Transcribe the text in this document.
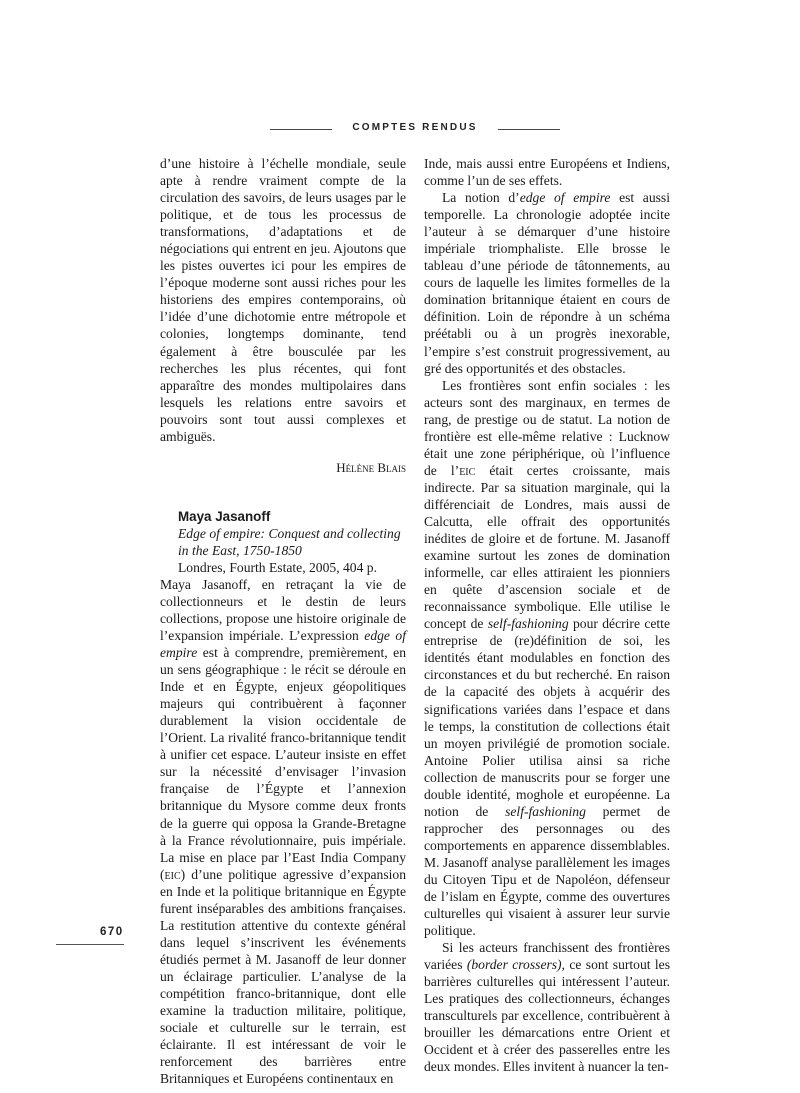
COMPTES RENDUS

d’une histoire à l’échelle mondiale, seule apte à rendre vraiment compte de la circulation des savoirs, de leurs usages par le politique, et de tous les processus de transformations, d’adaptations et de négociations qui entrent en jeu. Ajoutons que les pistes ouvertes ici pour les empires de l’époque moderne sont aussi riches pour les historiens des empires contemporains, où l’idée d’une dichotomie entre métropole et colonies, longtemps dominante, tend également à être bousculée par les recherches les plus récentes, qui font apparaître des mondes multipolaires dans lesquels les relations entre savoirs et pouvoirs sont tout aussi complexes et ambiguës.

Hélène Blais
Maya Jasanoff
Edge of empire: Conquest and collecting
in the East, 1750-1850
Londres, Fourth Estate, 2005, 404 p.

Maya Jasanoff, en retraçant la vie de collectionneurs et le destin de leurs collections, propose une histoire originale de l’expansion impériale. L’expression edge of empire est à comprendre, premièrement, en un sens géographique : le récit se déroule en Inde et en Égypte, enjeux géopolitiques majeurs qui contribuèrent à façonner durablement la vision occidentale de l’Orient. La rivalité franco-britannique tendit à unifier cet espace. L’auteur insiste en effet sur la nécessité d’envisager l’invasion française de l’Égypte et l’annexion britannique du Mysore comme deux fronts de la guerre qui opposa la Grande-Bretagne à la France révolutionnaire, puis impériale. La mise en place par l’East India Company (eic) d’une politique agressive d’expansion en Inde et la politique britannique en Égypte furent inséparables des ambitions françaises. La restitution attentive du contexte général dans lequel s’inscrivent les événements étudiés permet à M. Jasanoff de leur donner un éclairage particulier. L’analyse de la compétition franco-britannique, dont elle examine la traduction militaire, politique, sociale et culturelle sur le terrain, est éclairante. Il est intéressant de voir le renforcement des barrières entre Britanniques et Européens continentaux en

Inde, mais aussi entre Européens et Indiens, comme l’un de ses effets.

La notion d’edge of empire est aussi temporelle. La chronologie adoptée incite l’auteur à se démarquer d’une histoire impériale triomphaliste. Elle brosse le tableau d’une période de tâtonnements, au cours de laquelle les limites formelles de la domination britannique étaient en cours de définition. Loin de répondre à un schéma préétabli ou à un progrès inexorable, l’empire s’est construit progressivement, au gré des opportunités et des obstacles.

Les frontières sont enfin sociales : les acteurs sont des marginaux, en termes de rang, de prestige ou de statut. La notion de frontière est elle-même relative : Lucknow était une zone périphérique, où l’influence de l’eic était certes croissante, mais indirecte. Par sa situation marginale, qui la différenciait de Londres, mais aussi de Calcutta, elle offrait des opportunités inédites de gloire et de fortune. M. Jasanoff examine surtout les zones de domination informelle, car elles attiraient les pionniers en quête d’ascension sociale et de reconnaissance symbolique. Elle utilise le concept de self-fashioning pour décrire cette entreprise de (re)définition de soi, les identités étant modulables en fonction des circonstances et du but recherché. En raison de la capacité des objets à acquérir des significations variées dans l’espace et dans le temps, la constitution de collections était un moyen privilégié de promotion sociale. Antoine Polier utilisa ainsi sa riche collection de manuscrits pour se forger une double identité, moghole et européenne. La notion de self-fashioning permet de rapprocher des personnages ou des comportements en apparence dissemblables. M. Jasanoff analyse parallèlement les images du Citoyen Tipu et de Napoléon, défenseur de l’islam en Égypte, comme des ouvertures culturelles qui visaient à assurer leur survie politique.

Si les acteurs franchissent des frontières variées (border crossers), ce sont surtout les barrières culturelles qui intéressent l’auteur. Les pratiques des collectionneurs, échanges transculturels par excellence, contribuèrent à brouiller les démarcations entre Orient et Occident et à créer des passerelles entre les deux mondes. Elles invitent à nuancer la ten-

670
